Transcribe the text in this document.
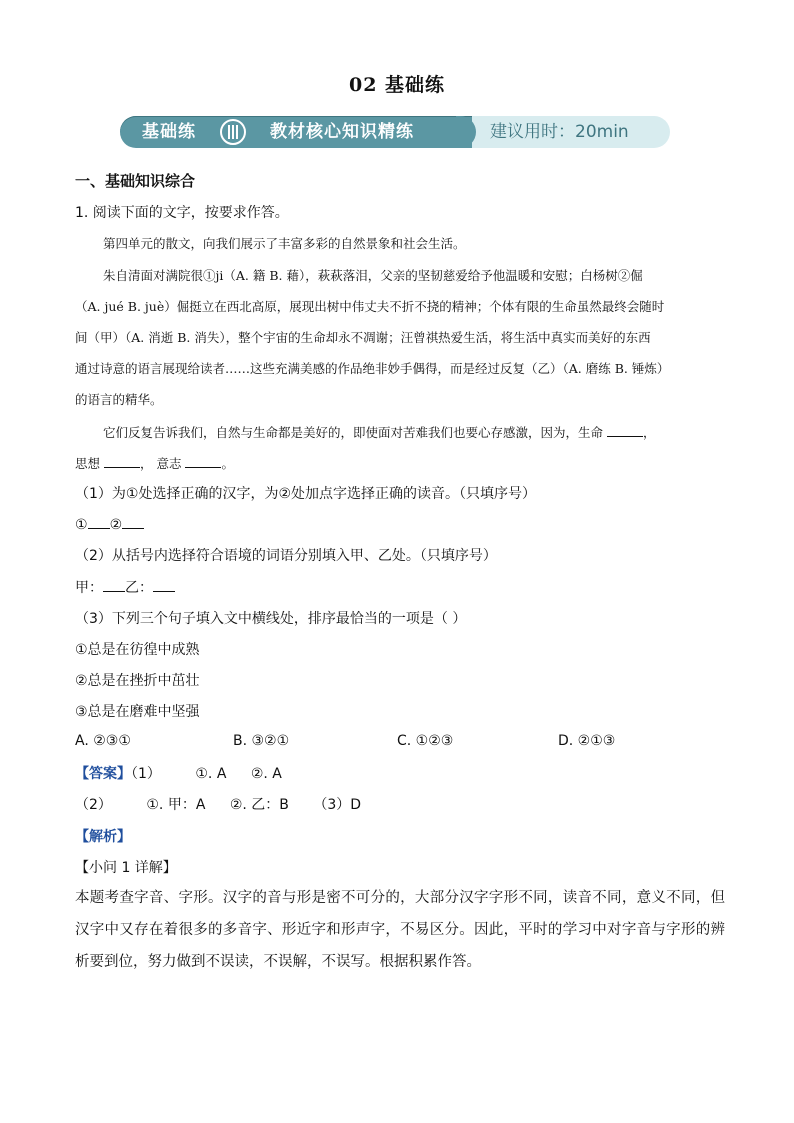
02 基础练
基础练	教材核心知识精练	建议用时：20min
一、基础知识综合
1. 阅读下面的文字，按要求作答。
第四单元的散文，向我们展示了丰富多彩的自然景象和社会生活。
朱自清面对满院很①ji（A. 籍 B. 藉），萩萩落泪，父亲的坚韧慈爱给予他温暖和安慰；白杨树②倔
（A. jué B. juè）倔挺立在西北高原，展现出树中伟丈夫不折不挠的精神；个体有限的生命虽然最终会随时
间（甲）（A. 消逝 B. 消失），整个宇宙的生命却永不凋谢；汪曾祺热爱生活，将生活中真实而美好的东西
通过诗意的语言展现给读者……这些充满美感的作品绝非妙手偶得，而是经过反复（乙）（A. 磨练 B. 锤炼）
的语言的精华。
它们反复告诉我们，自然与生命都是美好的，即使面对苦难我们也要心存感激，因为，生命	，
思想	， 意志	。
（1）为①处选择正确的汉字，为②处加点字选择正确的读音。（只填序号）
① ②
（2）从括号内选择符合语境的词语分别填入甲、乙处。（只填序号）
甲： 乙：
（3）下列三个句子填入文中横线处，排序最恰当的一项是（ ）
①总是在彷徨中成熟
②总是在挫折中茁壮
③总是在磨难中坚强
A. ②③①	B. ③②①	C. ①②③	D. ②①③
【答案】（1） ①. A ②. A
（2） ①. 甲：A ②. 乙：B （3）D
【解析】
【小问 1 详解】
本题考查字音、字形。汉字的音与形是密不可分的，大部分汉字字形不同，读音不同，意义不同，但汉字中又存在着很多的多音字、形近字和形声字，不易区分。因此，平时的学习中对字音与字形的辨析要到位，努力做到不误读，不误解，不误写。根据积累作答。
